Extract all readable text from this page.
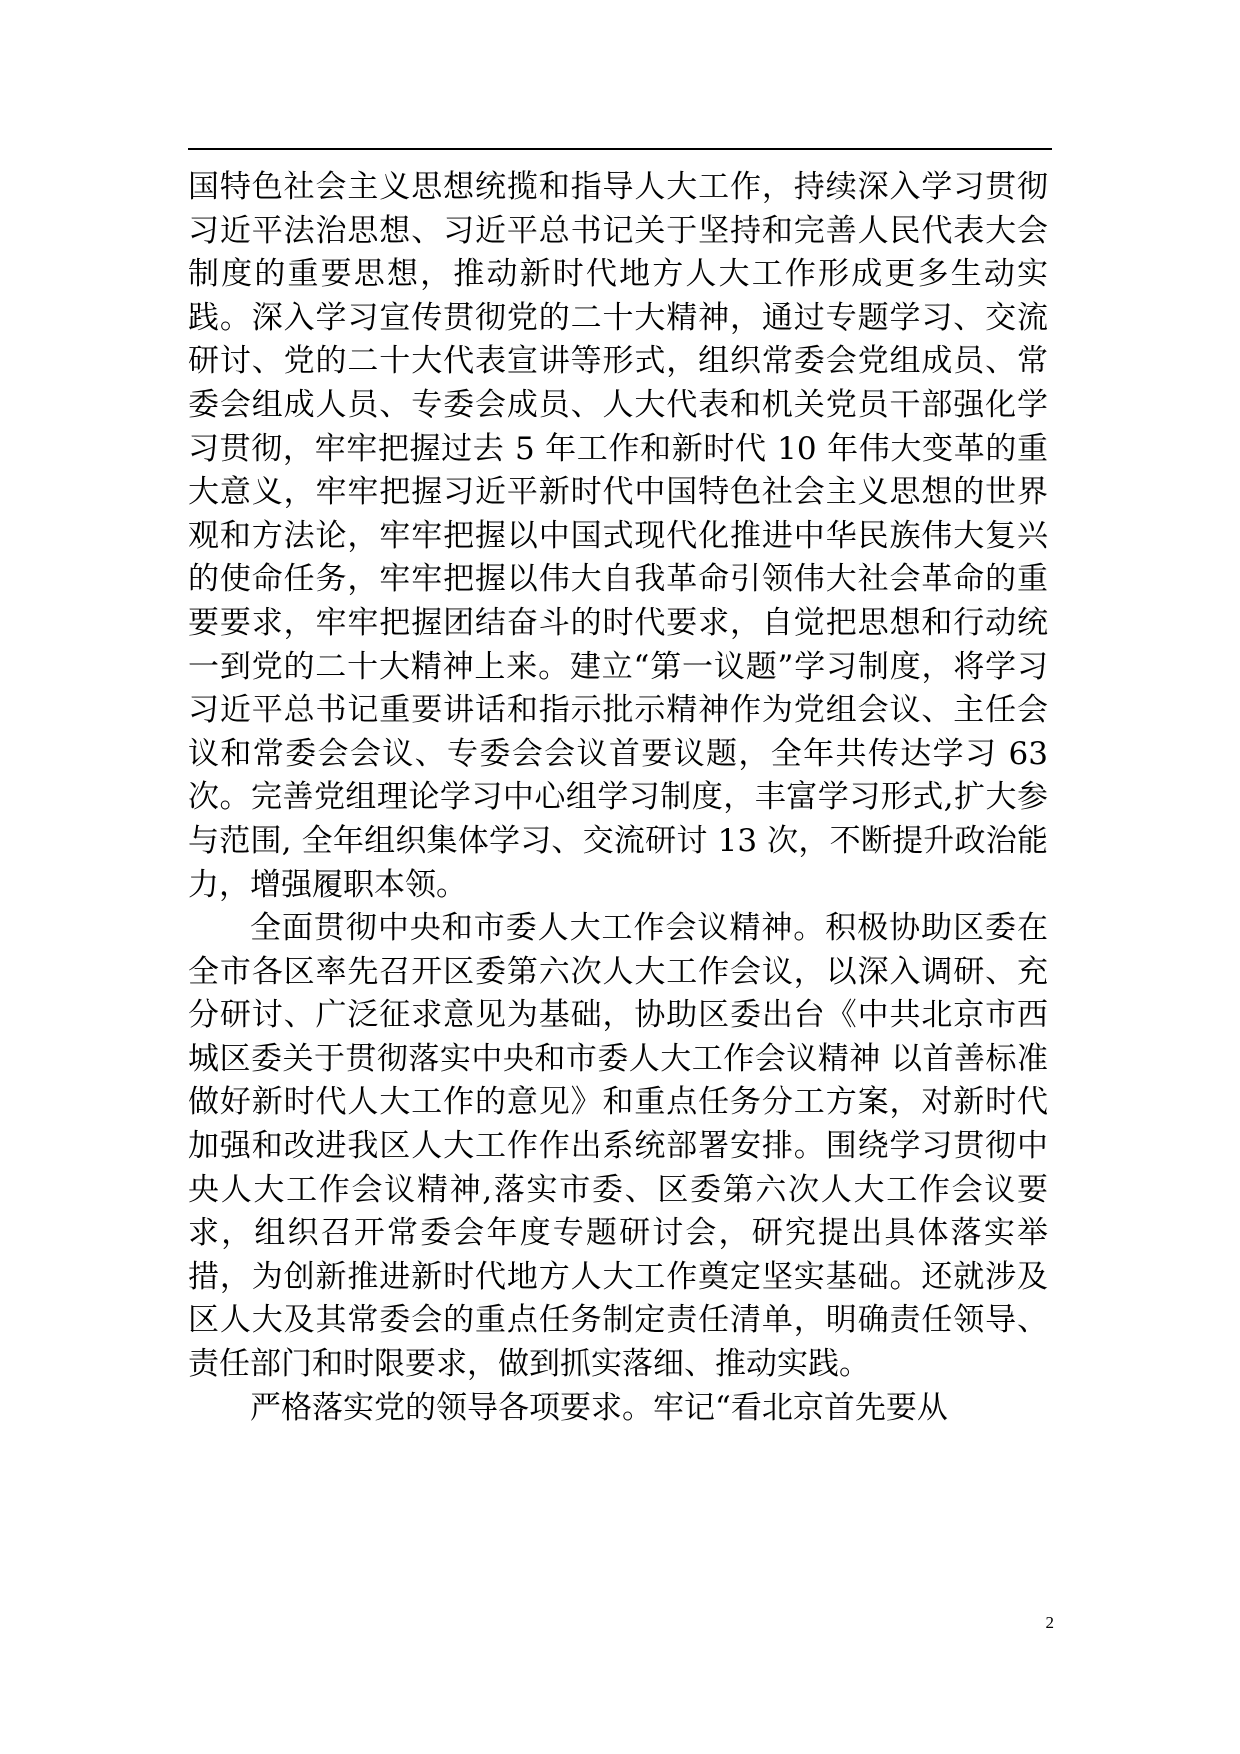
国特色社会主义思想统揽和指导人大工作，持续深入学习贯彻习近平法治思想、习近平总书记关于坚持和完善人民代表大会制度的重要思想，推动新时代地方人大工作形成更多生动实践。深入学习宣传贯彻党的二十大精神，通过专题学习、交流研讨、党的二十大代表宣讲等形式，组织常委会党组成员、常委会组成人员、专委会成员、人大代表和机关党员干部强化学习贯彻，牢牢把握过去 5 年工作和新时代 10 年伟大变革的重大意义，牢牢把握习近平新时代中国特色社会主义思想的世界观和方法论，牢牢把握以中国式现代化推进中华民族伟大复兴的使命任务，牢牢把握以伟大自我革命引领伟大社会革命的重要要求，牢牢把握团结奋斗的时代要求，自觉把思想和行动统一到党的二十大精神上来。建立“第一议题”学习制度，将学习习近平总书记重要讲话和指示批示精神作为党组会议、主任会议和常委会会议、专委会会议首要议题，全年共传达学习 63次。完善党组理论学习中心组学习制度，丰富学习形式,扩大参与范围, 全年组织集体学习、交流研讨 13 次，不断提升政治能力，增强履职本领。

全面贯彻中央和市委人大工作会议精神。积极协助区委在全市各区率先召开区委第六次人大工作会议，以深入调研、充分研讨、广泛征求意见为基础，协助区委出台《中共北京市西城区委关于贯彻落实中央和市委人大工作会议精神 以首善标准做好新时代人大工作的意见》和重点任务分工方案，对新时代加强和改进我区人大工作作出系统部署安排。围绕学习贯彻中央人大工作会议精神,落实市委、区委第六次人大工作会议要求，组织召开常委会年度专题研讨会，研究提出具体落实举措，为创新推进新时代地方人大工作奠定坚实基础。还就涉及区人大及其常委会的重点任务制定责任清单，明确责任领导、责任部门和时限要求，做到抓实落细、推动实践。

严格落实党的领导各项要求。牢记“看北京首先要从

2
